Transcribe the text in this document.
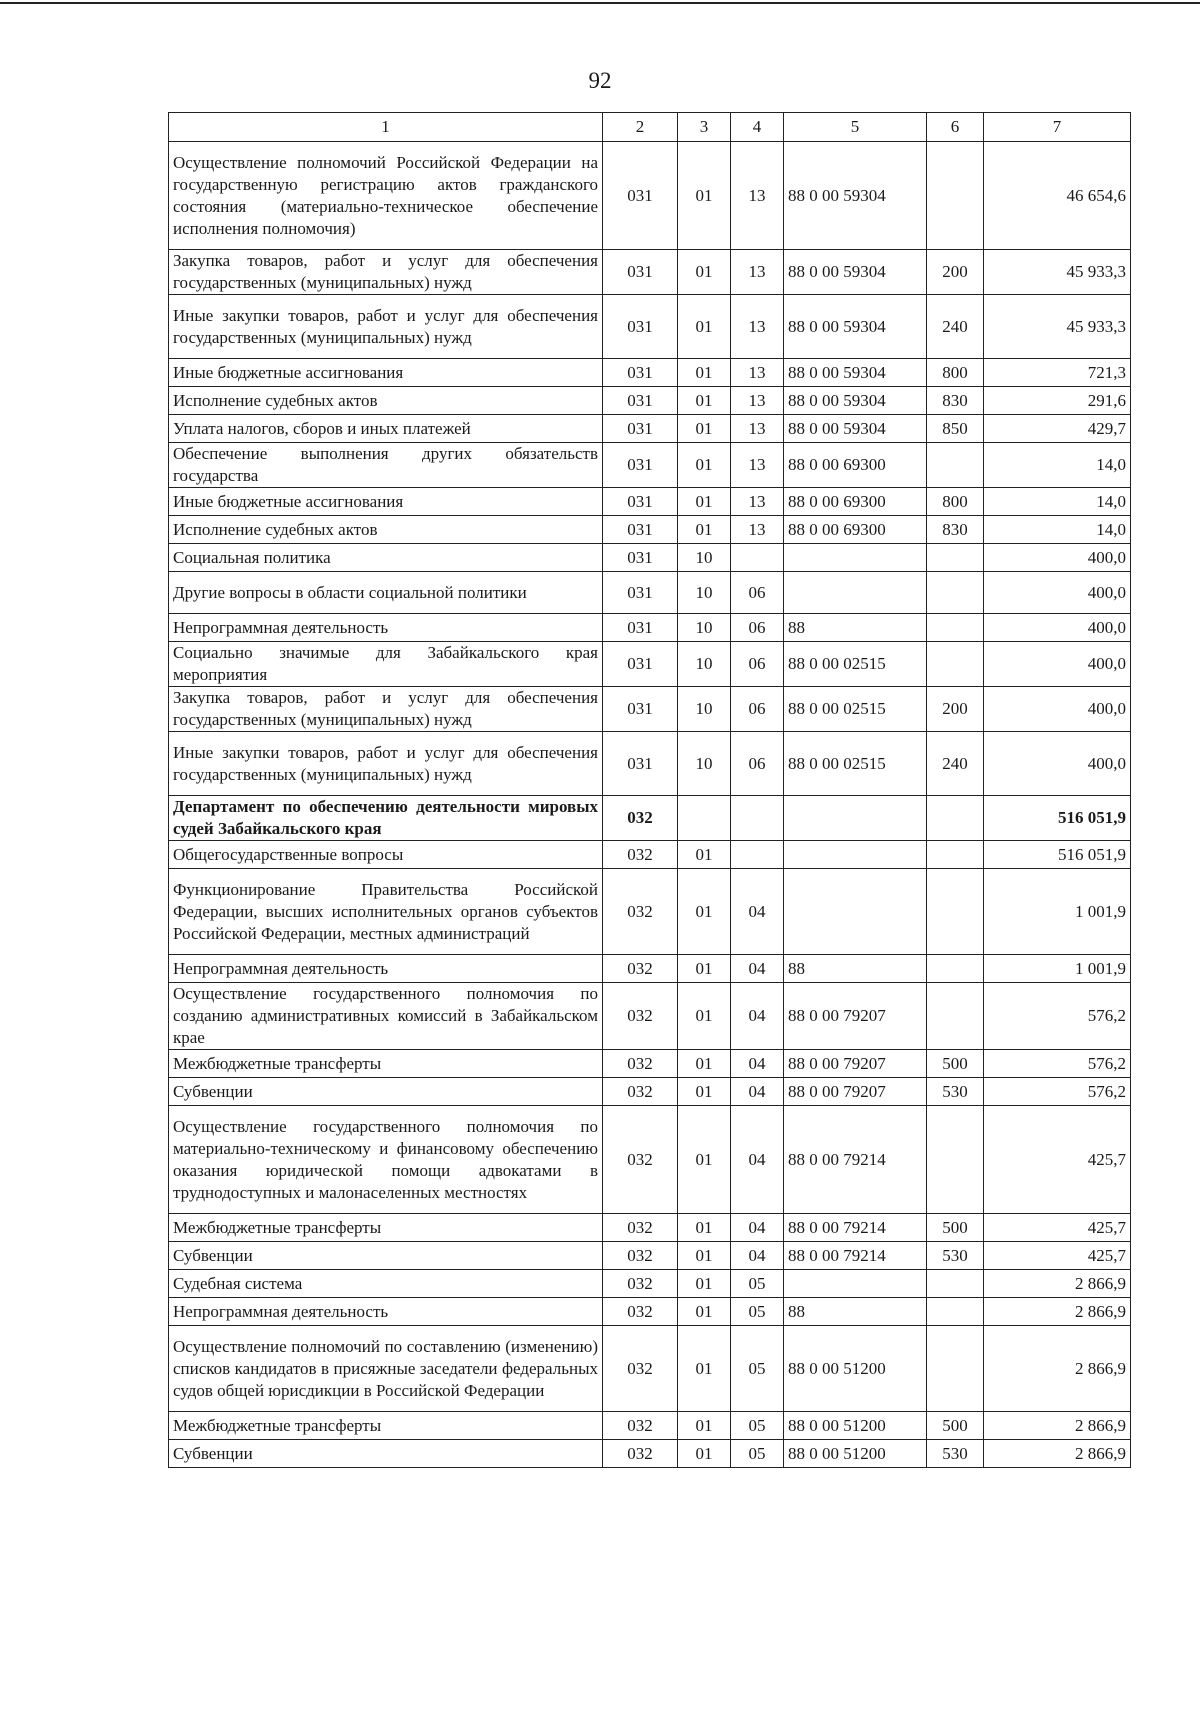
92
1	2	3	4	5	6	7
Осуществление полномочий Российской Федерации на государственную регистрацию актов гражданского состояния (материально-техническое обеспечение исполнения полномочия)	031	01	13	88 0 00 59304		46 654,6
Закупка товаров, работ и услуг для обеспечения государственных (муниципальных) нужд	031	01	13	88 0 00 59304	200	45 933,3
Иные закупки товаров, работ и услуг для обеспечения государственных (муниципальных) нужд	031	01	13	88 0 00 59304	240	45 933,3
Иные бюджетные ассигнования	031	01	13	88 0 00 59304	800	721,3
Исполнение судебных актов	031	01	13	88 0 00 59304	830	291,6
Уплата налогов, сборов и иных платежей	031	01	13	88 0 00 59304	850	429,7
Обеспечение выполнения других обязательств государства	031	01	13	88 0 00 69300		14,0
Иные бюджетные ассигнования	031	01	13	88 0 00 69300	800	14,0
Исполнение судебных актов	031	01	13	88 0 00 69300	830	14,0
Социальная политика	031	10				400,0
Другие вопросы в области социальной политики	031	10	06			400,0
Непрограммная деятельность	031	10	06	88		400,0
Социально значимые для Забайкальского края мероприятия	031	10	06	88 0 00 02515		400,0
Закупка товаров, работ и услуг для обеспечения государственных (муниципальных) нужд	031	10	06	88 0 00 02515	200	400,0
Иные закупки товаров, работ и услуг для обеспечения государственных (муниципальных) нужд	031	10	06	88 0 00 02515	240	400,0
Департамент по обеспечению деятельности мировых судей Забайкальского края	032					516 051,9
Общегосударственные вопросы	032	01				516 051,9
Функционирование Правительства Российской Федерации, высших исполнительных органов субъектов Российской Федерации, местных администраций	032	01	04			1 001,9
Непрограммная деятельность	032	01	04	88		1 001,9
Осуществление государственного полномочия по созданию административных комиссий в Забайкальском крае	032	01	04	88 0 00 79207		576,2
Межбюджетные трансферты	032	01	04	88 0 00 79207	500	576,2
Субвенции	032	01	04	88 0 00 79207	530	576,2
Осуществление государственного полномочия по материально-техническому и финансовому обеспечению оказания юридической помощи адвокатами в труднодоступных и малонаселенных местностях	032	01	04	88 0 00 79214		425,7
Межбюджетные трансферты	032	01	04	88 0 00 79214	500	425,7
Субвенции	032	01	04	88 0 00 79214	530	425,7
Судебная система	032	01	05			2 866,9
Непрограммная деятельность	032	01	05	88		2 866,9
Осуществление полномочий по составлению (изменению) списков кандидатов в присяжные заседатели федеральных судов общей юрисдикции в Российской Федерации	032	01	05	88 0 00 51200		2 866,9
Межбюджетные трансферты	032	01	05	88 0 00 51200	500	2 866,9
Субвенции	032	01	05	88 0 00 51200	530	2 866,9
